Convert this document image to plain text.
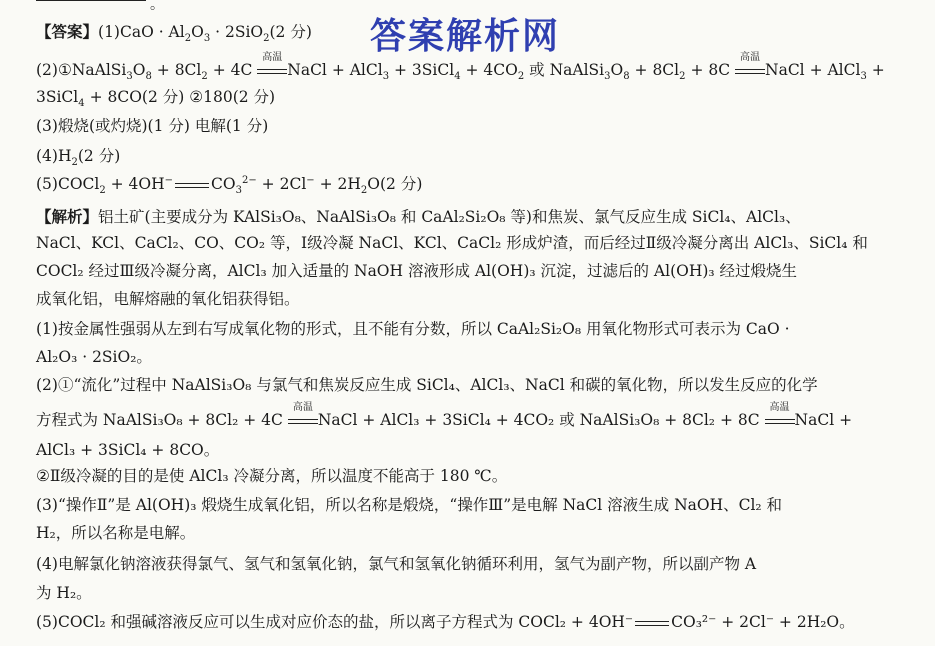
。
答案解析网
【答案】$(1)CaO \cdot Al_2O_3 \cdot 2SiO_2(2$ 分)
$(2)①NaAlSi_3O_8 + 8Cl_2 + 4C$
高温
NaCl + AlCl$_3$ + 3SiCl$_4$ + $4CO_2$ 或 $NaAlSi_3O_8 + 8Cl_2 + 8C$
高温
NaCl + AlCl$_3$ +
3SiCl$_4$ + 8CO(2 分) ②180(2 分)
(3)煅烧(或灼烧)(1 分) 电解(1 分)
$(4)H_2(2$ 分)
(5)COCl$_2$ + 4OH− $CO_3^{2-} + 2Cl^- + 2H_2O(2$ 分)
【解析】铝土矿(主要成分为 KAlSi₃O₈、NaAlSi₃O₈ 和 CaAl₂Si₂O₈ 等)和焦炭、氯气反应生成 SiCl₄、AlCl₃、
NaCl、KCl、CaCl₂、CO、CO₂ 等，Ⅰ级冷凝 NaCl、KCl、CaCl₂ 形成炉渣，而后经过Ⅱ级冷凝分离出 AlCl₃、SiCl₄ 和
COCl₂ 经过Ⅲ级冷凝分离，AlCl₃ 加入适量的 NaOH 溶液形成 Al(OH)₃ 沉淀，过滤后的 Al(OH)₃ 经过煅烧生
成氧化铝，电解熔融的氧化铝获得铝。
(1)按金属性强弱从左到右写成氧化物的形式，且不能有分数，所以 CaAl₂Si₂O₈ 用氧化物形式可表示为 CaO ·
Al₂O₃ · 2SiO₂。
(2)①“流化”过程中 NaAlSi₃O₈ 与氯气和焦炭反应生成 SiCl₄、AlCl₃、NaCl 和碳的氧化物，所以发生反应的化学
方程式为 NaAlSi₃O₈ + 8Cl₂ + 4C
高温
NaCl + AlCl₃ + 3SiCl₄ + 4CO₂ 或 NaAlSi₃O₈ + 8Cl₂ + 8C
高温
NaCl +
AlCl₃ + 3SiCl₄ + 8CO。
②Ⅱ级冷凝的目的是使 AlCl₃ 冷凝分离，所以温度不能高于 180 ℃。
(3)“操作Ⅱ”是 Al(OH)₃ 煅烧生成氧化铝，所以名称是煅烧，“操作Ⅲ”是电解 NaCl 溶液生成 NaOH、Cl₂ 和
H₂，所以名称是电解。
(4)电解氯化钠溶液获得氯气、氢气和氢氧化钠，氯气和氢氧化钠循环利用，氢气为副产物，所以副产物 A
为 H₂。
(5)COCl₂ 和强碱溶液反应可以生成对应价态的盐，所以离子方程式为 COCl₂ + 4OH⁻ CO₃²⁻ + 2Cl⁻ + 2H₂O。
